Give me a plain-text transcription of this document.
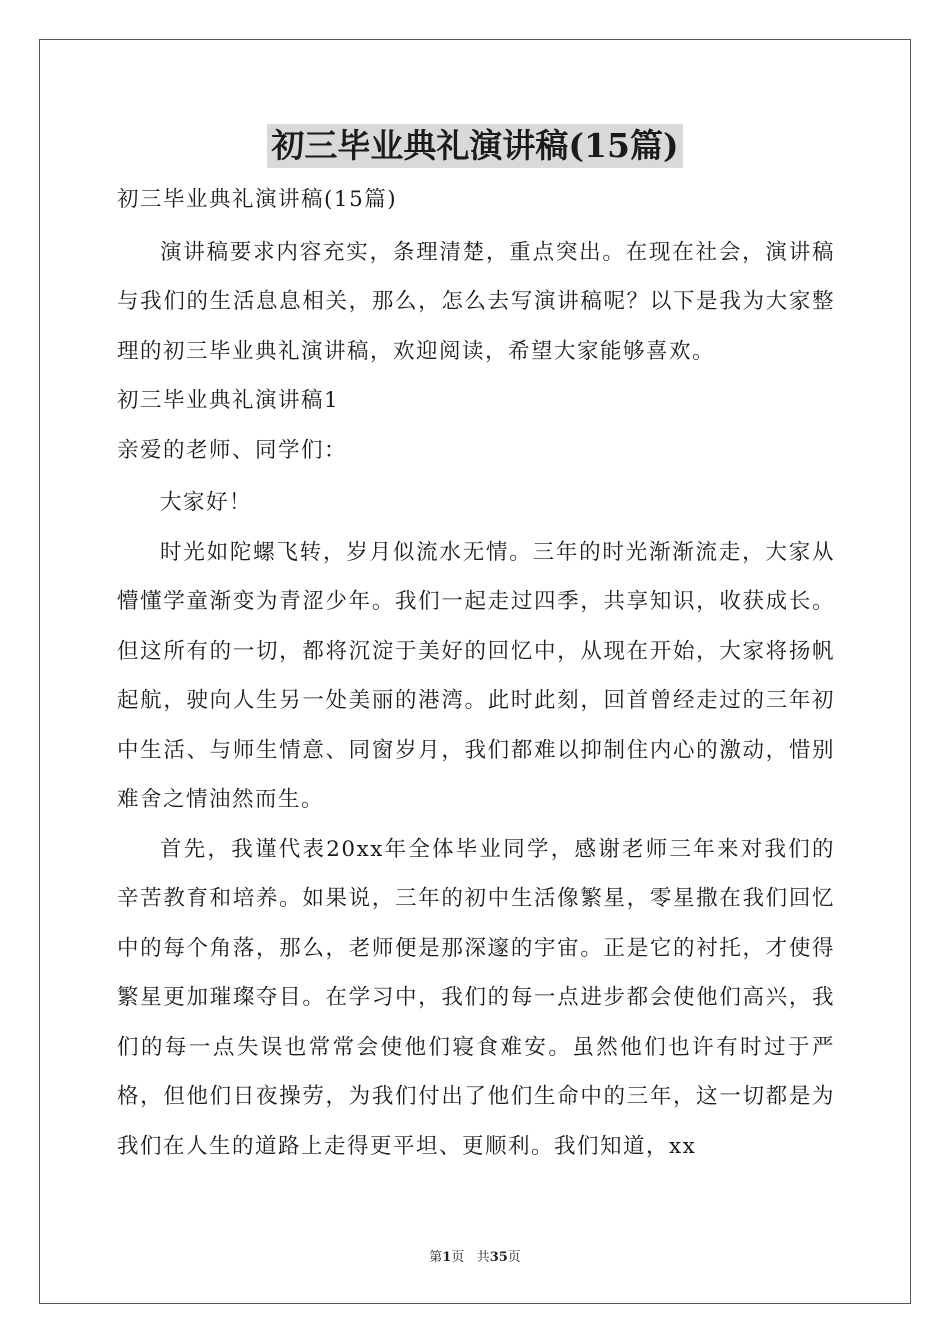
初三毕业典礼演讲稿(15篇)
初三毕业典礼演讲稿(15篇)

演讲稿要求内容充实，条理清楚，重点突出。在现在社会，演讲稿与我们的生活息息相关，那么，怎么去写演讲稿呢？以下是我为大家整理的初三毕业典礼演讲稿，欢迎阅读，希望大家能够喜欢。

初三毕业典礼演讲稿1
亲爱的老师、同学们：

大家好！

时光如陀螺飞转，岁月似流水无情。三年的时光渐渐流走，大家从懵懂学童渐变为青涩少年。我们一起走过四季，共享知识，收获成长。但这所有的一切，都将沉淀于美好的回忆中，从现在开始，大家将扬帆起航，驶向人生另一处美丽的港湾。此时此刻，回首曾经走过的三年初中生活、与师生情意、同窗岁月，我们都难以抑制住内心的激动，惜别难舍之情油然而生。

首先，我谨代表20xx年全体毕业同学，感谢老师三年来对我们的辛苦教育和培养。如果说，三年的初中生活像繁星，零星撒在我们回忆中的每个角落，那么，老师便是那深邃的宇宙。正是它的衬托，才使得繁星更加璀璨夺目。在学习中，我们的每一点进步都会使他们高兴，我们的每一点失误也常常会使他们寝食难安。虽然他们也许有时过于严格，但他们日夜操劳，为我们付出了他们生命中的三年，这一切都是为我们在人生的道路上走得更平坦、更顺利。我们知道，xx

第1页 共35页
